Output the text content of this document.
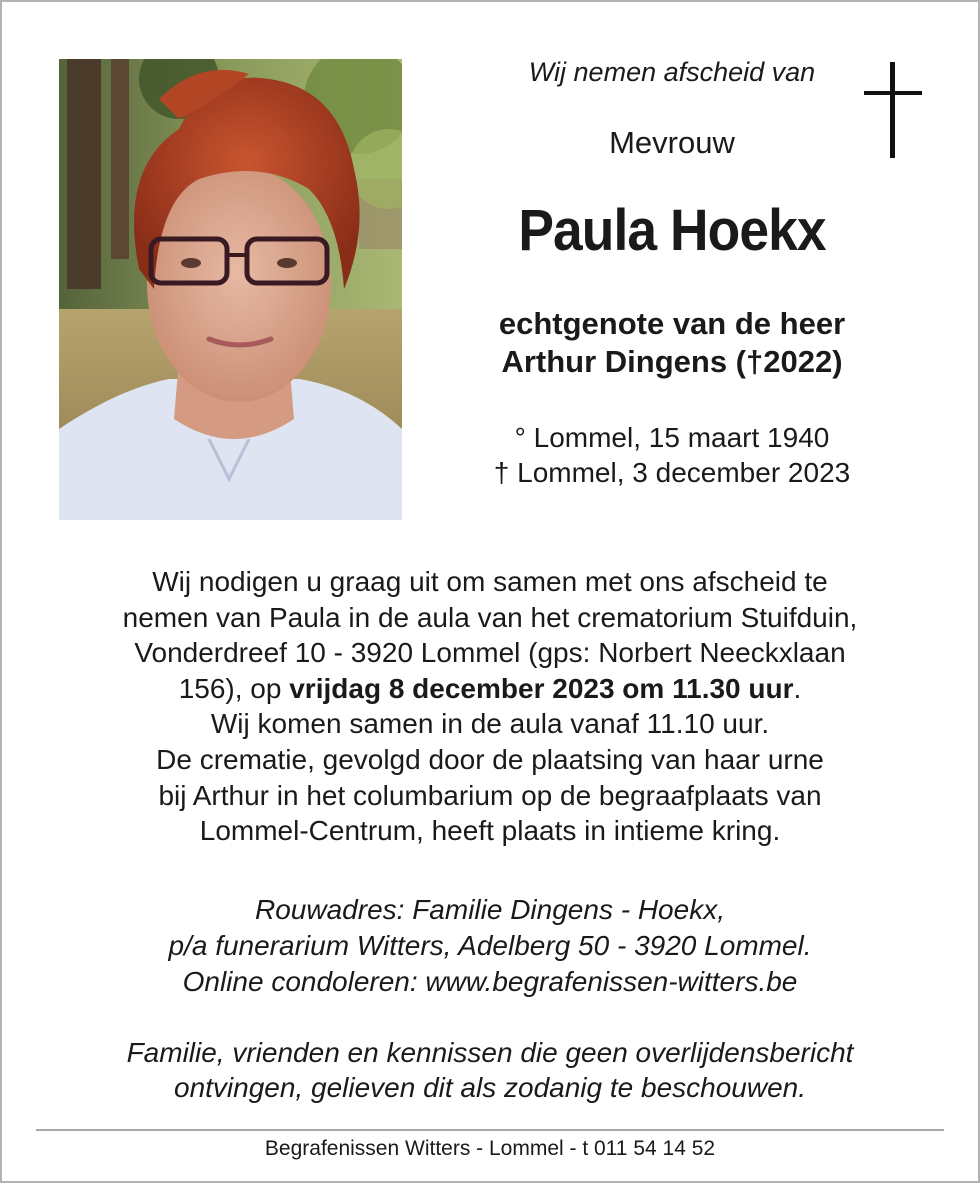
Wij nemen afscheid van
Mevrouw
Paula Hoekx
echtgenote van de heer
Arthur Dingens (†2022)
° Lommel, 15 maart 1940
† Lommel, 3 december 2023
Wij nodigen u graag uit om samen met ons afscheid te
nemen van Paula in de aula van het crematorium Stuifduin,
Vonderdreef 10 - 3920 Lommel (gps: Norbert Neeckxlaan
156), op vrijdag 8 december 2023 om 11.30 uur.
Wij komen samen in de aula vanaf 11.10 uur.
De crematie, gevolgd door de plaatsing van haar urne
bij Arthur in het columbarium op de begraafplaats van
Lommel-Centrum, heeft plaats in intieme kring.
Rouwadres: Familie Dingens - Hoekx,
p/a funerarium Witters, Adelberg 50 - 3920 Lommel.
Online condoleren: www.begrafenissen-witters.be
Familie, vrienden en kennissen die geen overlijdensbericht
ontvingen, gelieven dit als zodanig te beschouwen.
Begrafenissen Witters - Lommel - t 011 54 14 52
